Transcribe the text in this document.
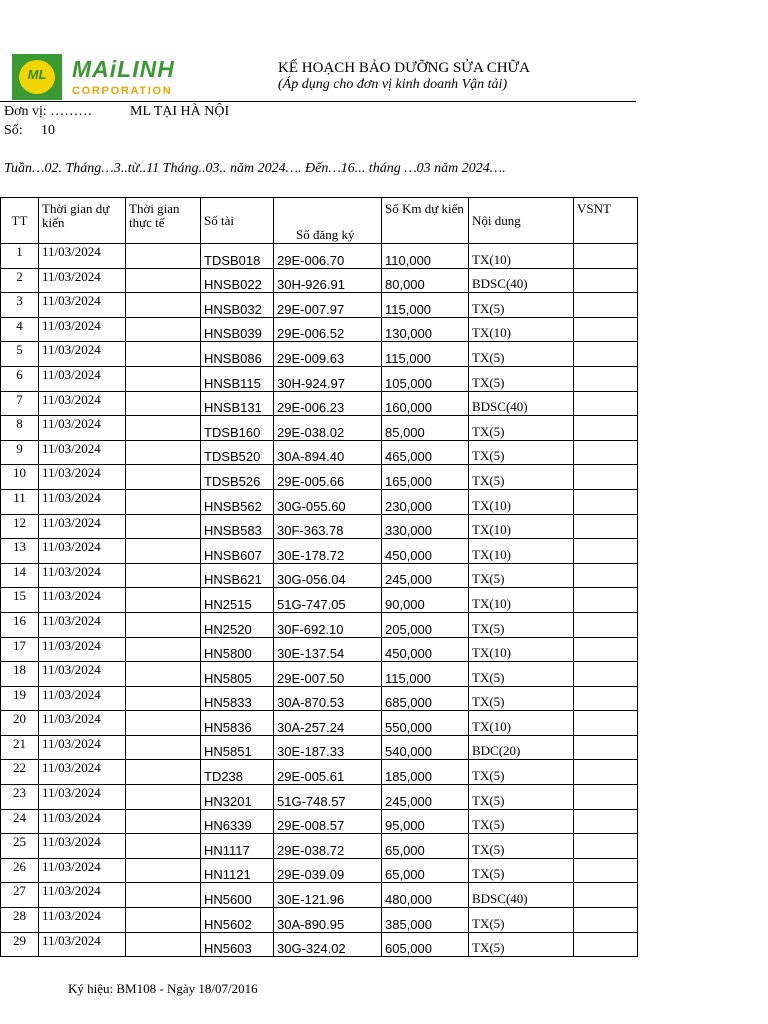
ML	MAiLINH
CORPORATION
KẾ HOẠCH BẢO DƯỠNG SỬA CHỮA
(Áp dụng cho đơn vị kinh doanh Vận tải)
Đơn vị: ………	ML TẠI HÀ NỘI
Số: 10
Tuần…02. Tháng…3..từ..11 Tháng..03.. năm 2024…. Đến…16... tháng …03 năm 2024….
TT	Thời gian dự kiến	Thời gian thực tế	Số tài	Số đăng ký	Số Km dự kiến	Nội dung	VSNT
1	11/03/2024		TDSB018	29E-006.70	110,000	TX(10)	
2	11/03/2024		HNSB022	30H-926.91	80,000	BDSC(40)	
3	11/03/2024		HNSB032	29E-007.97	115,000	TX(5)	
4	11/03/2024		HNSB039	29E-006.52	130,000	TX(10)	
5	11/03/2024		HNSB086	29E-009.63	115,000	TX(5)	
6	11/03/2024		HNSB115	30H-924.97	105,000	TX(5)	
7	11/03/2024		HNSB131	29E-006.23	160,000	BDSC(40)	
8	11/03/2024		TDSB160	29E-038.02	85,000	TX(5)	
9	11/03/2024		TDSB520	30A-894.40	465,000	TX(5)	
10	11/03/2024		TDSB526	29E-005.66	165,000	TX(5)	
11	11/03/2024		HNSB562	30G-055.60	230,000	TX(10)	
12	11/03/2024		HNSB583	30F-363.78	330,000	TX(10)	
13	11/03/2024		HNSB607	30E-178.72	450,000	TX(10)	
14	11/03/2024		HNSB621	30G-056.04	245,000	TX(5)	
15	11/03/2024		HN2515	51G-747.05	90,000	TX(10)	
16	11/03/2024		HN2520	30F-692.10	205,000	TX(5)	
17	11/03/2024		HN5800	30E-137.54	450,000	TX(10)	
18	11/03/2024		HN5805	29E-007.50	115,000	TX(5)	
19	11/03/2024		HN5833	30A-870.53	685,000	TX(5)	
20	11/03/2024		HN5836	30A-257.24	550,000	TX(10)	
21	11/03/2024		HN5851	30E-187.33	540,000	BDC(20)	
22	11/03/2024		TD238	29E-005.61	185,000	TX(5)	
23	11/03/2024		HN3201	51G-748.57	245,000	TX(5)	
24	11/03/2024		HN6339	29E-008.57	95,000	TX(5)	
25	11/03/2024		HN1117	29E-038.72	65,000	TX(5)	
26	11/03/2024		HN1121	29E-039.09	65,000	TX(5)	
27	11/03/2024		HN5600	30E-121.96	480,000	BDSC(40)	
28	11/03/2024		HN5602	30A-890.95	385,000	TX(5)	
29	11/03/2024		HN5603	30G-324.02	605,000	TX(5)	
Ký hiệu: BM108 - Ngày 18/07/2016
